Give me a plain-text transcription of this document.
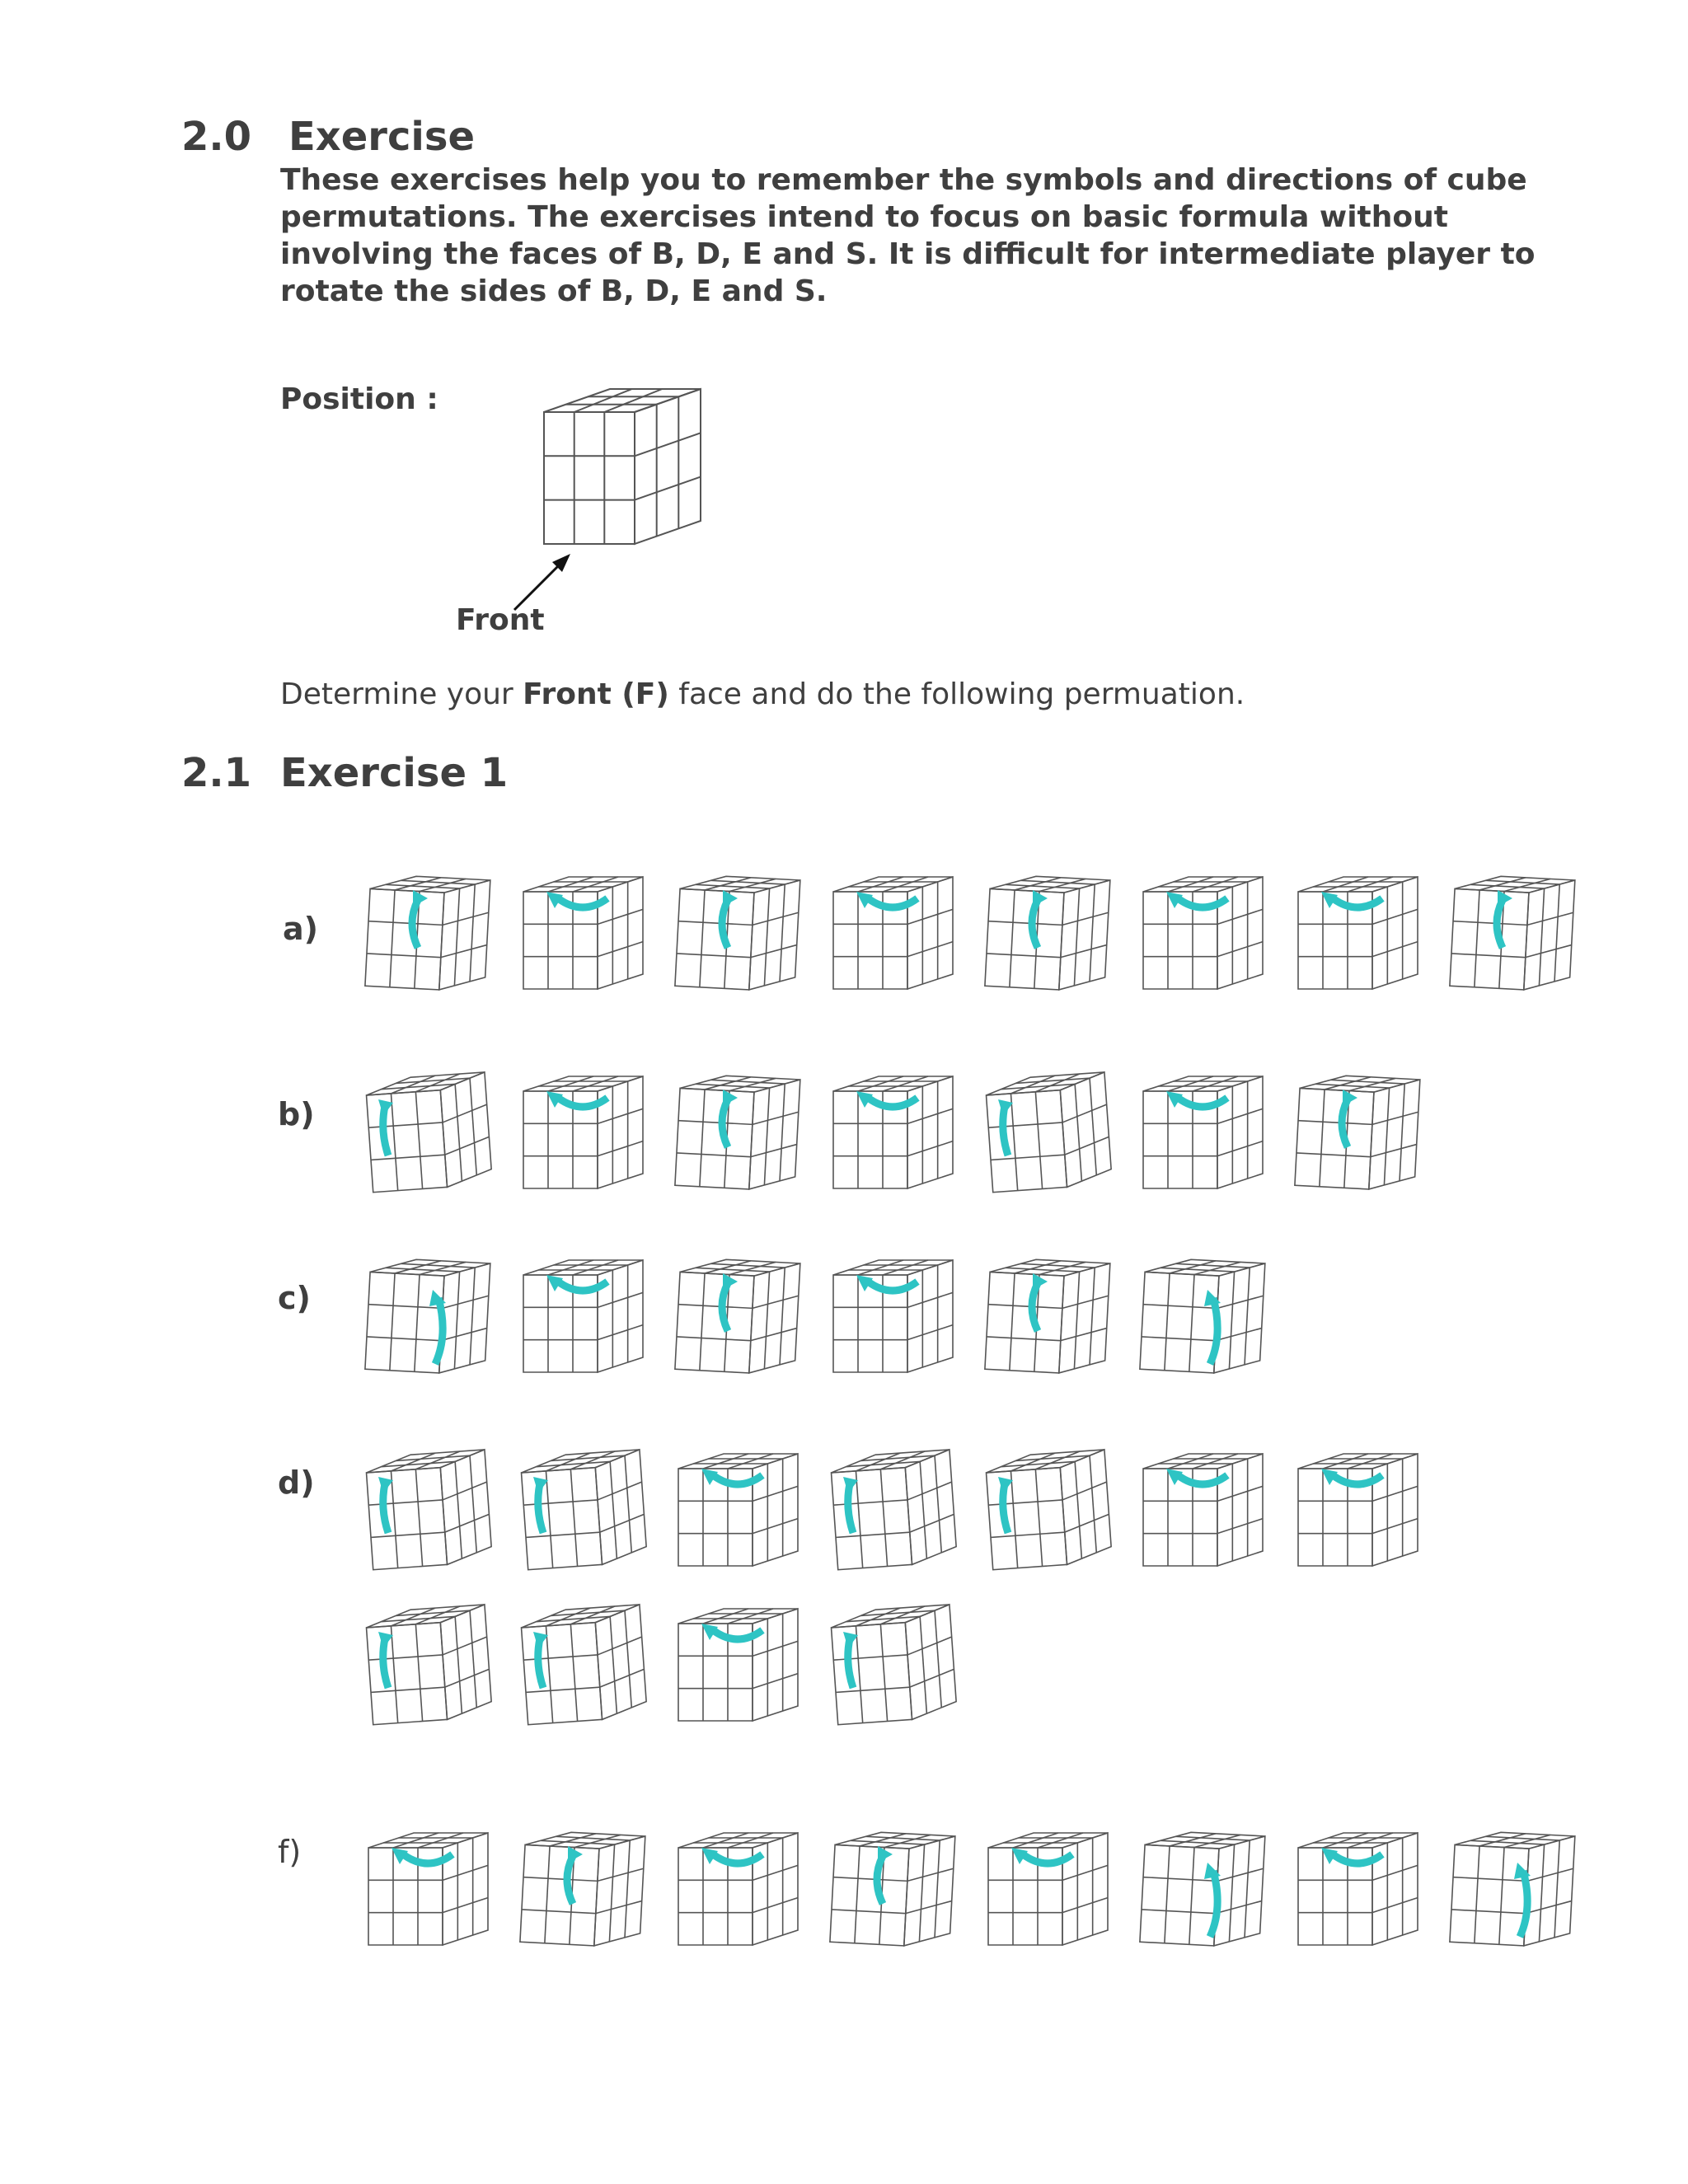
2.0 Exercise
These exercises help you to remember the symbols and directions of cube
permutations. The exercises intend to focus on basic formula without
involving the faces of B, D, E and S. It is difficult for intermediate player to
rotate the sides of B, D, E and S.
Position :
Front
Determine your Front (F) face and do the following permuation.
2.1 Exercise 1
a)
b)
c)
d)
f)
